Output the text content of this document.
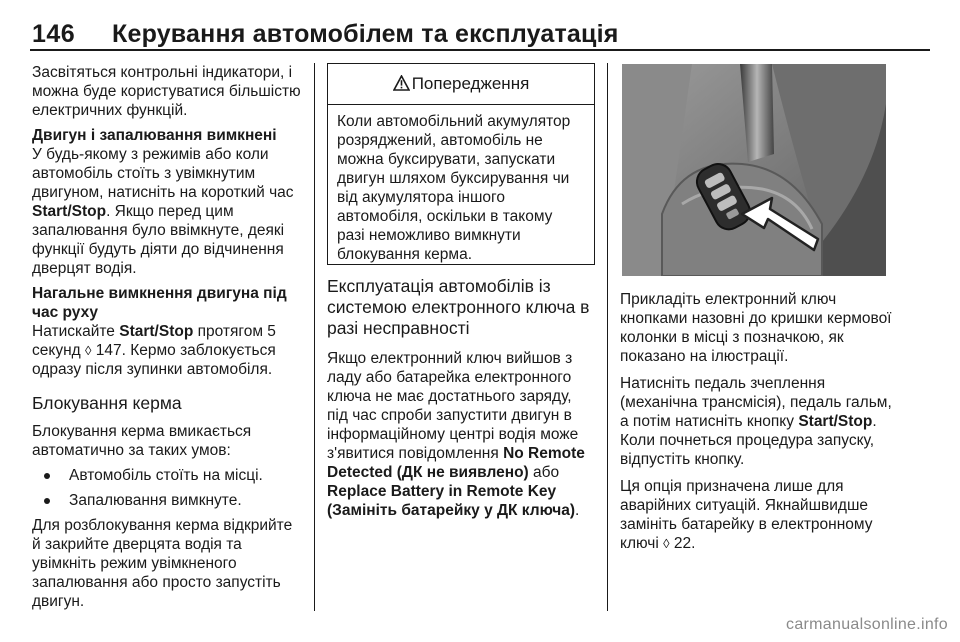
146 Керування автомобілем та експлуатація

Засвітяться контрольні індикатори, і можна буде користуватися більшістю електричних функцій.

Двигун і запалювання вимкнені

У будь-якому з режимів або коли автомобіль стоїть з увімкнутим двигуном, натисніть на короткий час Start/Stop. Якщо перед цим запалювання було ввімкнуте, деякі функції будуть діяти до відчинення дверцят водія.

Нагальне вимкнення двигуна під час руху

Натискайте Start/Stop протягом 5 секунд ◊ 147. Кермо заблокується одразу після зупинки автомобіля.

Блокування керма

Блокування керма вмикається автоматично за таких умов:

Автомобіль стоїть на місці.
Запалювання вимкнуте.

Для розблокування керма відкрийте й закрийте дверцята водія та увімкніть режим увімкненого запалювання або просто запустіть двигун.

Попередження
Коли автомобільний акумулятор розряджений, автомобіль не можна буксирувати, запускати двигун шляхом буксирування чи від акумулятора іншого автомобіля, оскільки в такому разі неможливо вимкнути блокування керма.

Експлуатація автомобілів із системою електронного ключа в разі несправності

Якщо електронний ключ вийшов з ладу або батарейка електронного ключа не має достатнього заряду, під час спроби запустити двигун в інформаційному центрі водія може з'явитися повідомлення No Remote Detected (ДК не виявлено) або Replace Battery in Remote Key (Замініть батарейку у ДК ключа).

Прикладіть електронний ключ кнопками назовні до кришки кермової колонки в місці з позначкою, як показано на ілюстрації.

Натисніть педаль зчеплення (механічна трансмісія), педаль гальм, а потім натисніть кнопку Start/Stop. Коли почнеться процедура запуску, відпустіть кнопку.

Ця опція призначена лише для аварійних ситуацій. Якнайшвидше замініть батарейку в електронному ключі ◊ 22.

carmanualsonline.info
